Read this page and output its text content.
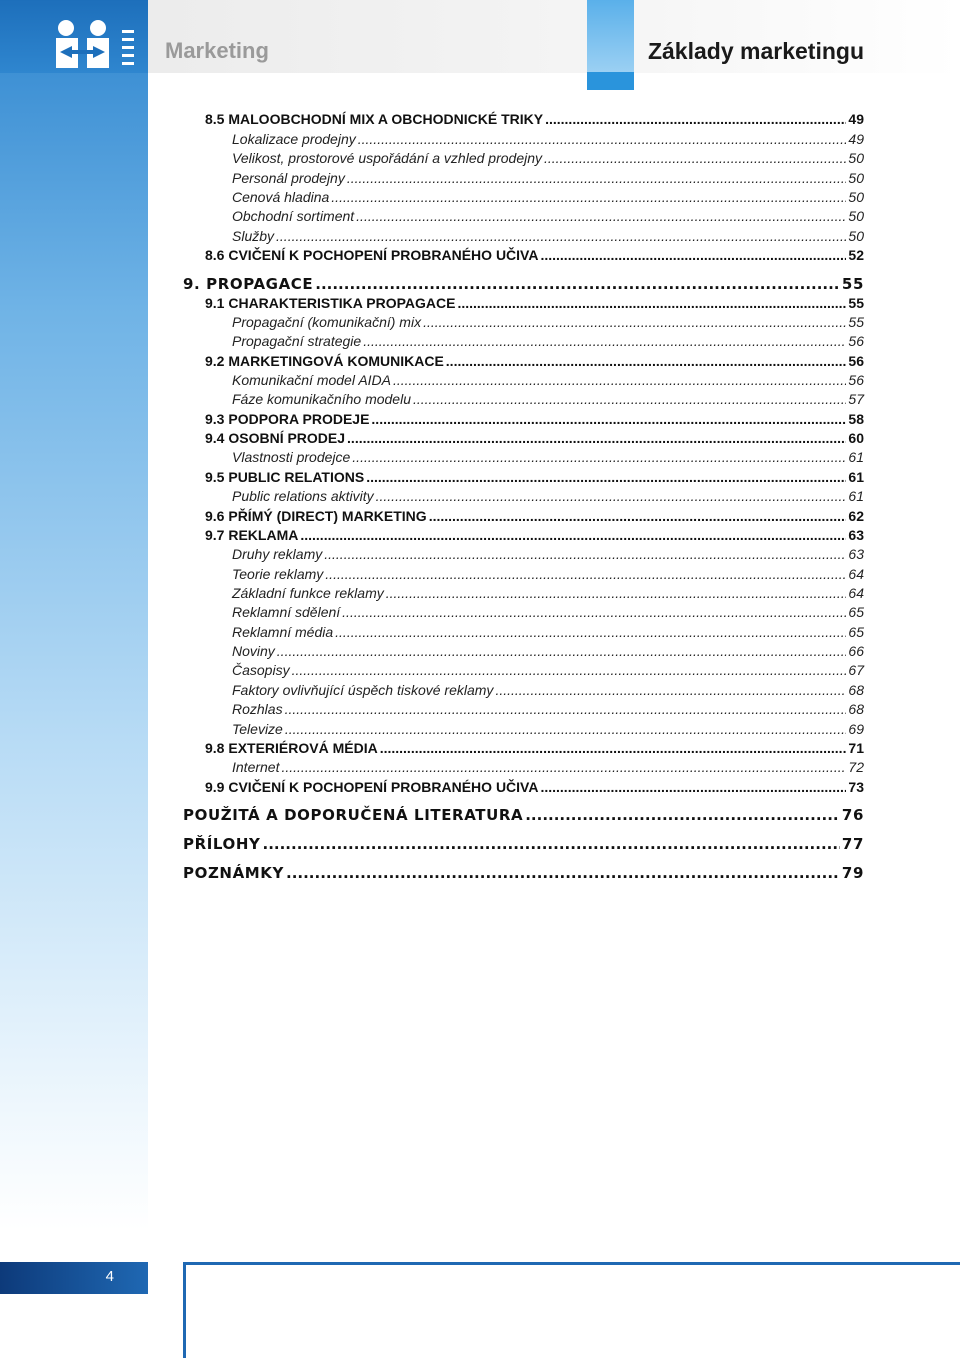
Marketing	Základy marketingu
8.5 MALOOBCHODNÍ MIX A OBCHODNICKÉ TRIKY .....	49
Lokalizace prodejny .....	49
Velikost, prostorové uspořádání a vzhled prodejny .....	50
Personál prodejny .....	50
Cenová hladina .....	50
Obchodní sortiment .....	50
Služby .....	50
8.6 CVIČENÍ K POCHOPENÍ PROBRANÉHO UČIVA .....	52
9. PROPAGACE .....	55
9.1 CHARAKTERISTIKA PROPAGACE .....	55
Propagační (komunikační) mix .....	55
Propagační strategie .....	56
9.2 MARKETINGOVÁ KOMUNIKACE .....	56
Komunikační model AIDA .....	56
Fáze komunikačního modelu .....	57
9.3 PODPORA PRODEJE .....	58
9.4 OSOBNÍ PRODEJ .....	60
Vlastnosti prodejce .....	61
9.5 PUBLIC RELATIONS .....	61
Public relations aktivity .....	61
9.6 PŘÍMÝ (DIRECT) MARKETING .....	62
9.7 REKLAMA .....	63
Druhy reklamy .....	63
Teorie reklamy .....	64
Základní funkce reklamy .....	64
Reklamní sdělení .....	65
Reklamní média .....	65
Noviny .....	66
Časopisy .....	67
Faktory ovlivňující úspěch tiskové reklamy .....	68
Rozhlas .....	68
Televize .....	69
9.8 EXTERIÉROVÁ MÉDIA .....	71
Internet .....	72
9.9 CVIČENÍ K POCHOPENÍ PROBRANÉHO UČIVA .....	73
POUŽITÁ A DOPORUČENÁ LITERATURA .....	76
PŘÍLOHY .....	77
POZNÁMKY .....	79
4
